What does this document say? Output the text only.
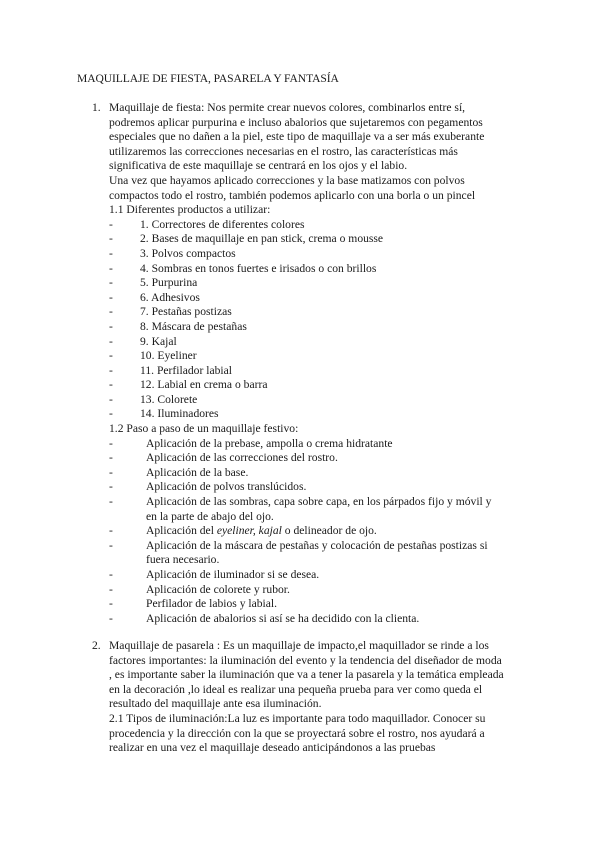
MAQUILLAJE DE FIESTA, PASARELA Y FANTASÍA
1. Maquillaje de fiesta: Nos permite crear nuevos colores, combinarlos entre sí, podremos aplicar purpurina e incluso abalorios que sujetaremos con pegamentos especiales que no dañen a la piel, este tipo de maquillaje va a ser más exuberante utilizaremos las correcciones necesarias en el rostro, las características más significativa de este maquillaje se centrará en los ojos y el labio.

Una vez que hayamos aplicado correcciones y la base matizamos con polvos compactos todo el rostro, también podemos aplicarlo con una borla o un pincel

1.1 Diferentes productos a utilizar:
-	1. Correctores de diferentes colores
-	2. Bases de maquillaje en pan stick, crema o mousse
-	3. Polvos compactos
-	4. Sombras en tonos fuertes e irisados o con brillos
-	5. Purpurina
-	6. Adhesivos
-	7. Pestañas postizas
-	8. Máscara de pestañas
-	9. Kajal
-	10. Eyeliner
-	11. Perfilador labial
-	12. Labial en crema o barra
-	13. Colorete
-	14. Iluminadores
1.2 Paso a paso de un maquillaje festivo:
-	Aplicación de la prebase, ampolla o crema hidratante
-	Aplicación de las correcciones del rostro.
-	Aplicación de la base.
-	Aplicación de polvos translúcidos.
-	Aplicación de las sombras, capa sobre capa, en los párpados fijo y móvil y en la parte de abajo del ojo.
-	Aplicación del eyeliner, kajal o delineador de ojo.
-	Aplicación de la máscara de pestañas y colocación de pestañas postizas si fuera necesario.
-	Aplicación de iluminador si se desea.
-	Aplicación de colorete y rubor.
-	Perfilador de labios y labial.
-	Aplicación de abalorios si así se ha decidido con la clienta.
2. Maquillaje de pasarela : Es un maquillaje de impacto,el maquillador se rinde a los factores importantes: la iluminación del evento y la tendencia del diseñador de moda , es importante saber la iluminación que va a tener la pasarela y la temática empleada en la decoración ,lo ideal es realizar una pequeña prueba para ver como queda el resultado del maquillaje ante esa iluminación.

2.1 Tipos de iluminación:La luz es importante para todo maquillador. Conocer su procedencia y la dirección con la que se proyectará sobre el rostro, nos ayudará a realizar en una vez el maquillaje deseado anticipándonos a las pruebas
